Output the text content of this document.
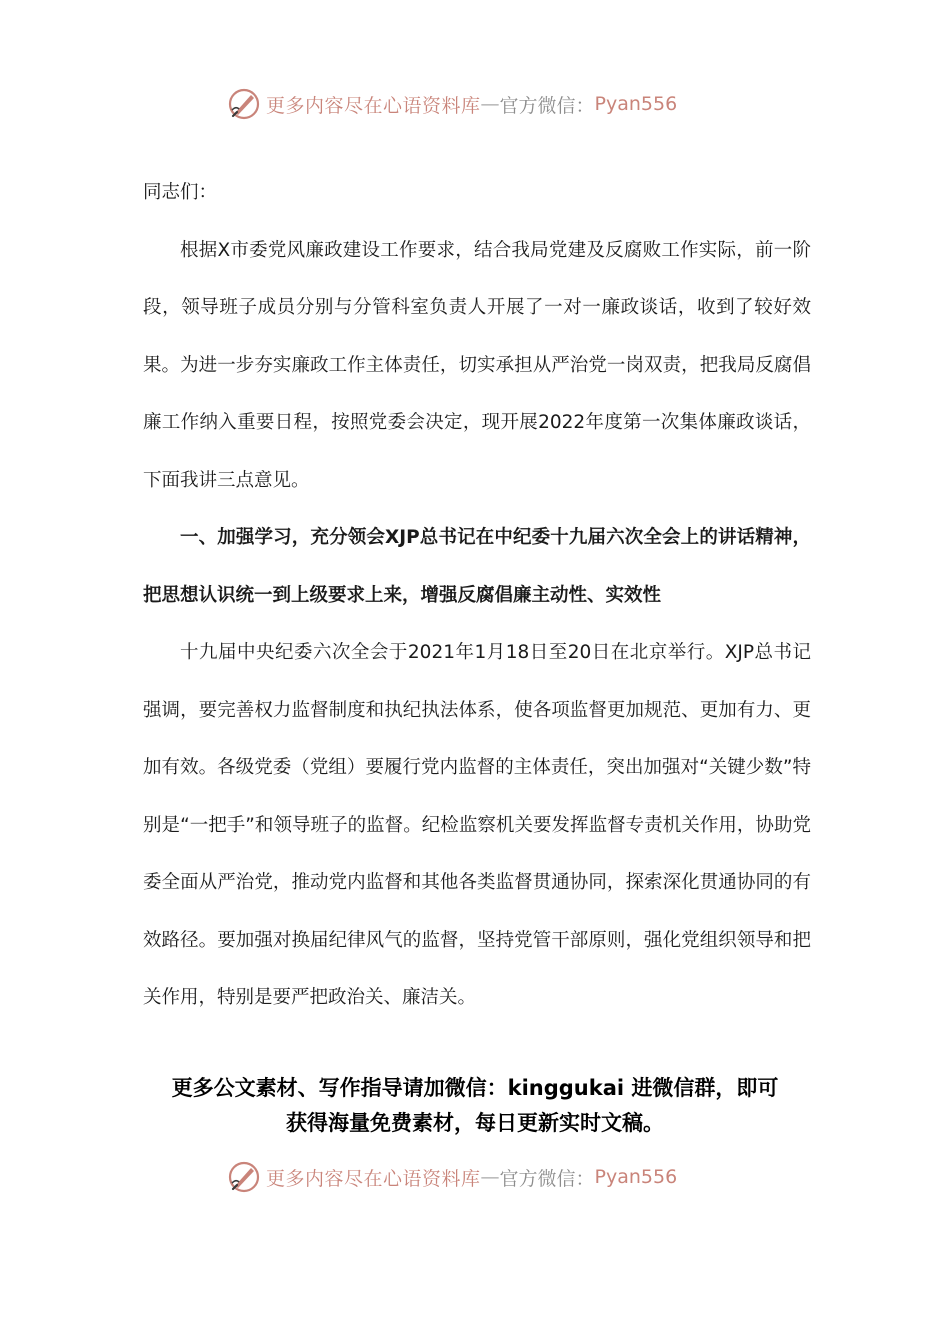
更多内容尽在心语资料库 — 官方微信： Pyan556

同志们：

根据X市委党风廉政建设工作要求，结合我局党建及反腐败工作实际，前一阶段，领导班子成员分别与分管科室负责人开展了一对一廉政谈话，收到了较好效果。为进一步夯实廉政工作主体责任，切实承担从严治党一岗双责，把我局反腐倡廉工作纳入重要日程，按照党委会决定，现开展2022年度第一次集体廉政谈话，下面我讲三点意见。

一、加强学习，充分领会XJP总书记在中纪委十九届六次全会上的讲话精神，把思想认识统一到上级要求上来，增强反腐倡廉主动性、实效性

十九届中央纪委六次全会于2021年1月18日至20日在北京举行。XJP总书记强调，要完善权力监督制度和执纪执法体系，使各项监督更加规范、更加有力、更加有效。各级党委（党组）要履行党内监督的主体责任，突出加强对“关键少数”特别是“一把手”和领导班子的监督。纪检监察机关要发挥监督专责机关作用，协助党委全面从严治党，推动党内监督和其他各类监督贯通协同，探索深化贯通协同的有效路径。要加强对换届纪律风气的监督，坚持党管干部原则，强化党组织领导和把关作用，特别是要严把政治关、廉洁关。

更多公文素材、写作指导请加微信：kinggukai 进微信群，即可
获得海量免费素材，每日更新实时文稿。
更多内容尽在心语资料库 — 官方微信： Pyan556
